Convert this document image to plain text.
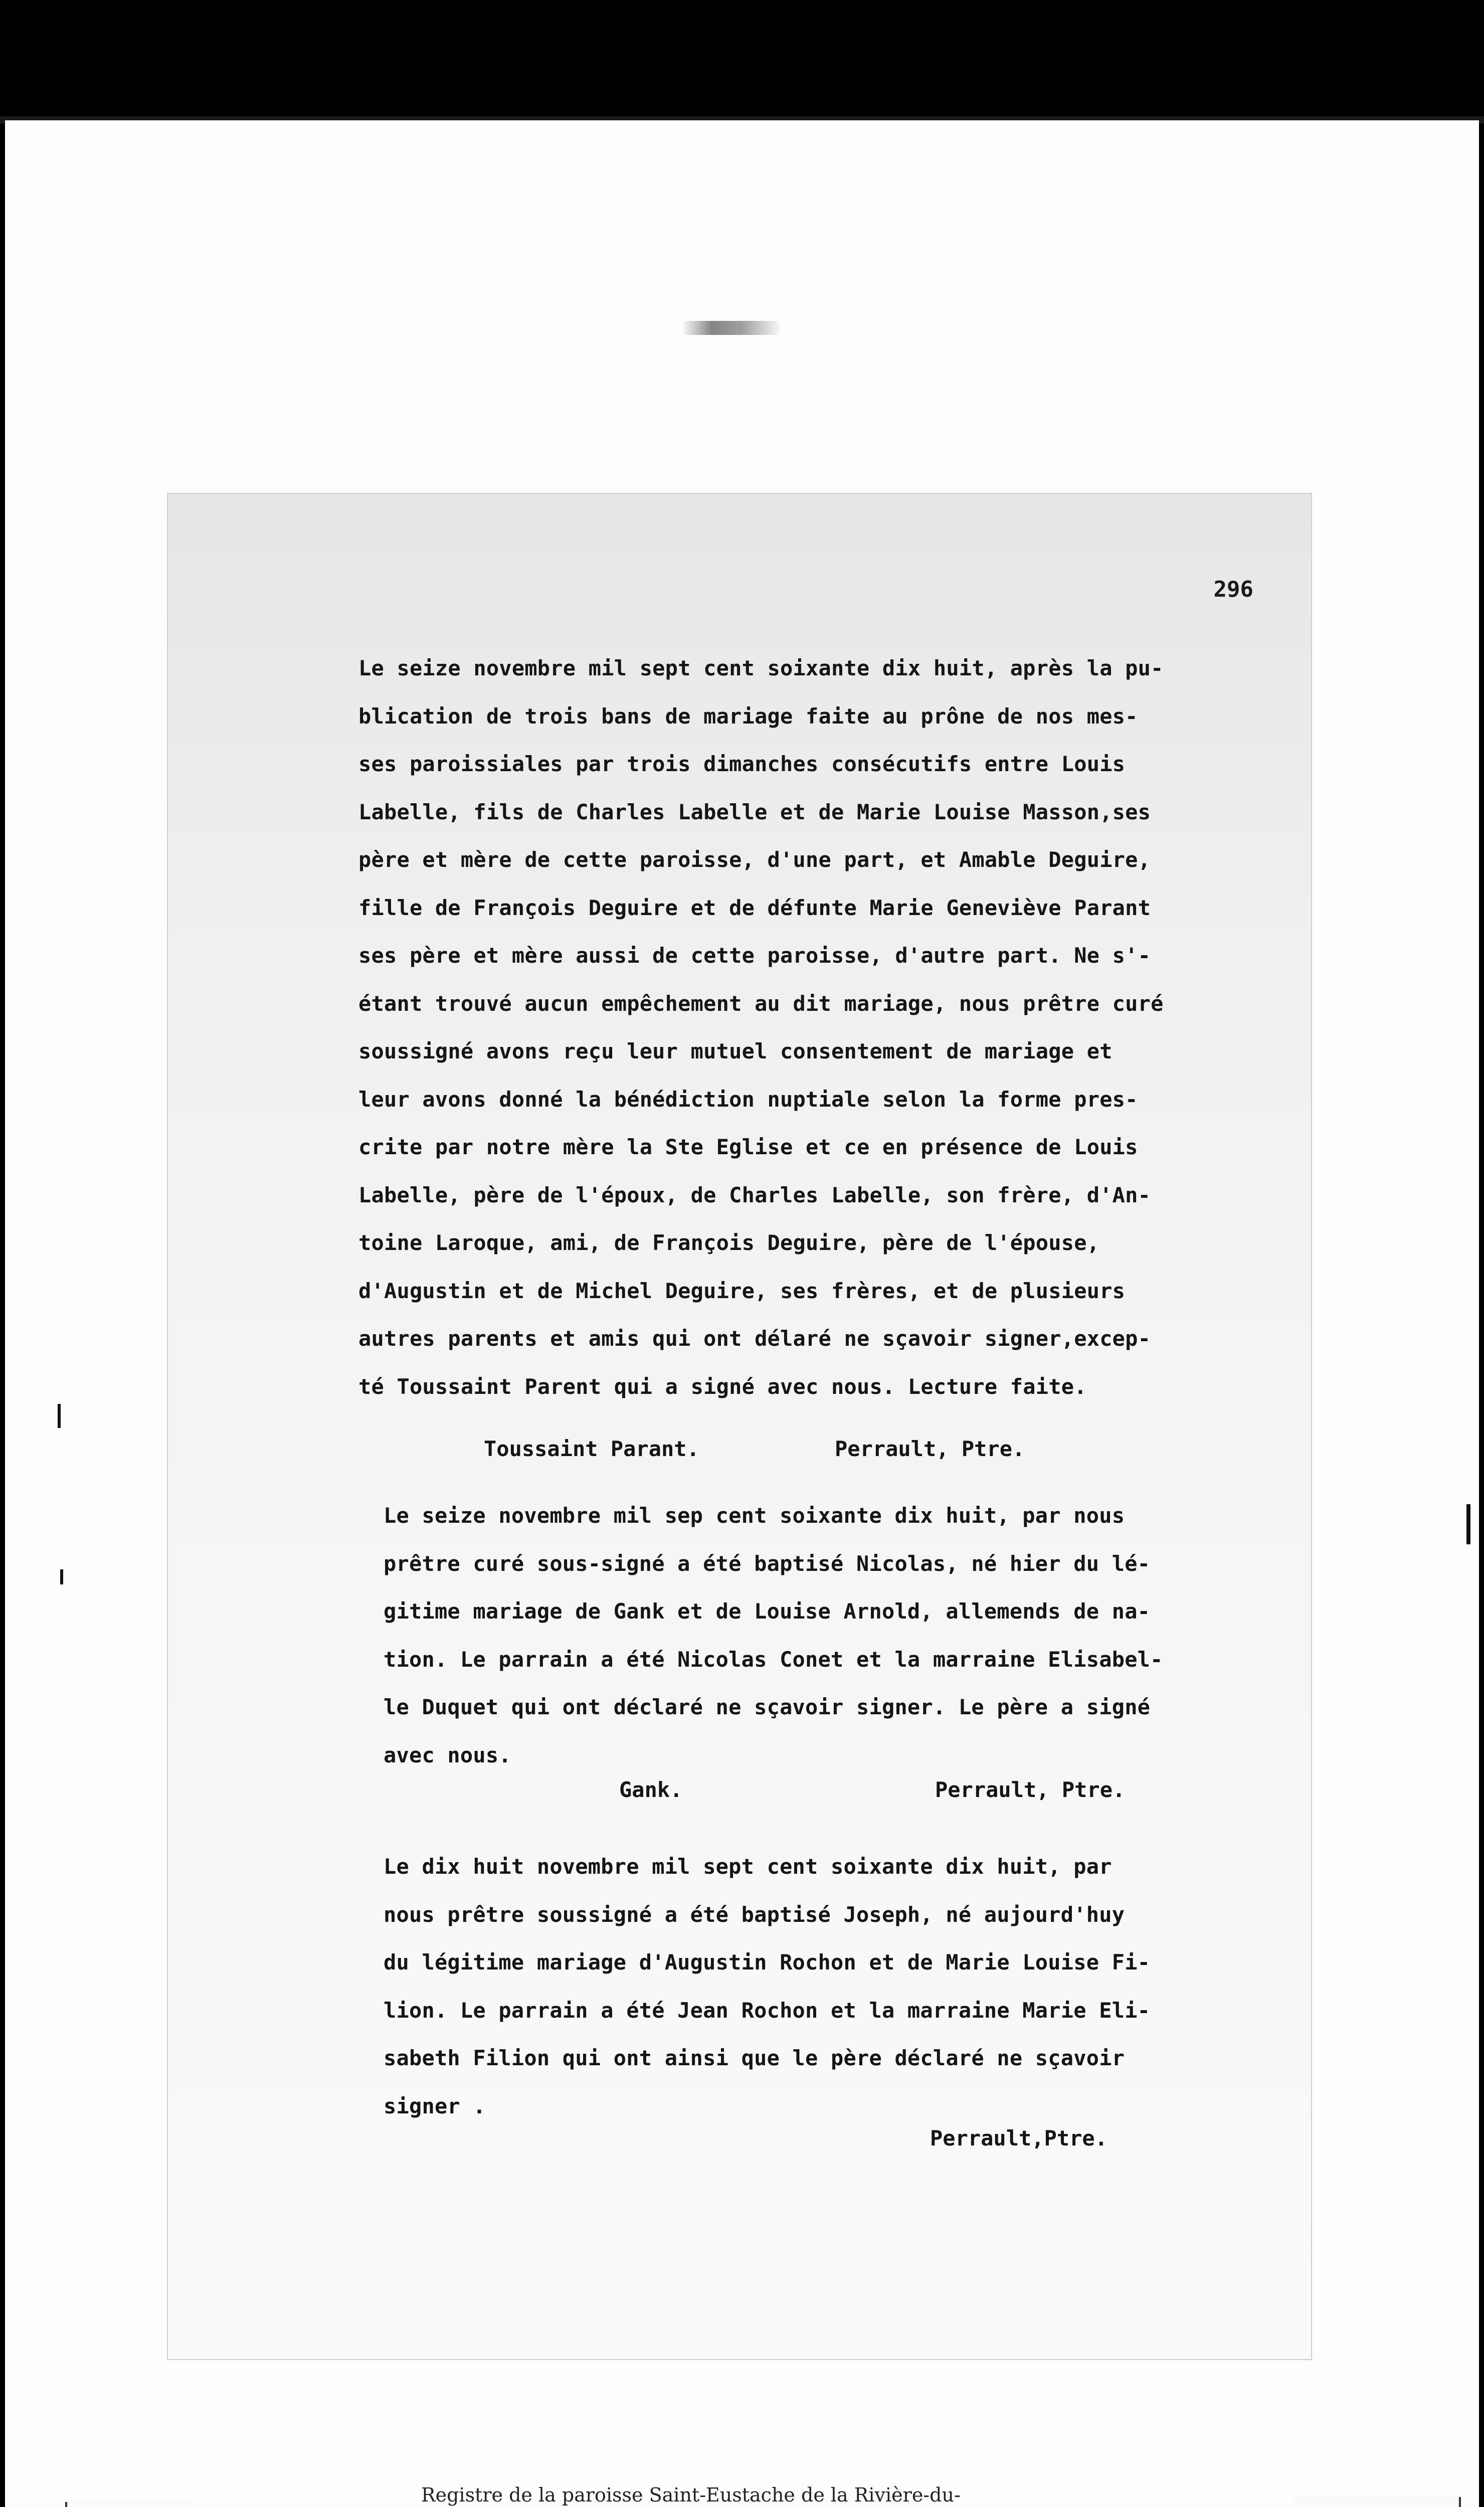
296

Le seize novembre mil sept cent soixante dix huit, après la pu-

blication de trois bans de mariage faite au prône de nos mes-

ses paroissiales par trois dimanches consécutifs entre Louis

Labelle, fils de Charles Labelle et de Marie Louise Masson,ses

père et mère de cette paroisse, d'une part, et Amable Deguire,

fille de François Deguire et de défunte Marie Geneviève Parant

ses père et mère aussi de cette paroisse, d'autre part. Ne s'-

étant trouvé aucun empêchement au dit mariage, nous prêtre curé

soussigné avons reçu leur mutuel consentement de mariage et

leur avons donné la bénédiction nuptiale selon la forme pres-

crite par notre mère la Ste Eglise et ce en présence de Louis

Labelle, père de l'époux, de Charles Labelle, son frère, d'An-

toine Laroque, ami, de François Deguire, père de l'épouse,

d'Augustin et de Michel Deguire, ses frères, et de plusieurs

autres parents et amis qui ont délaré ne sçavoir signer,excep-

té Toussaint Parent qui a signé avec nous. Lecture faite.

Toussaint Parant.	Perrault, Ptre.

Le seize novembre mil sep cent soixante dix huit, par nous

prêtre curé sous-signé a été baptisé Nicolas, né hier du lé-

gitime mariage de Gank et de Louise Arnold, allemends de na-

tion. Le parrain a été Nicolas Conet et la marraine Elisabel-

le Duquet qui ont déclaré ne sçavoir signer. Le père a signé

avec nous.

Gank.	Perrault, Ptre.

Le dix huit novembre mil sept cent soixante dix huit, par

nous prêtre soussigné a été baptisé Joseph, né aujourd'huy

du légitime mariage d'Augustin Rochon et de Marie Louise Fi-

lion. Le parrain a été Jean Rochon et la marraine Marie Eli-

sabeth Filion qui ont ainsi que le père déclaré ne sçavoir

signer .

Perrault,Ptre.

Registre de la paroisse Saint-Eustache de la Rivière-du-
